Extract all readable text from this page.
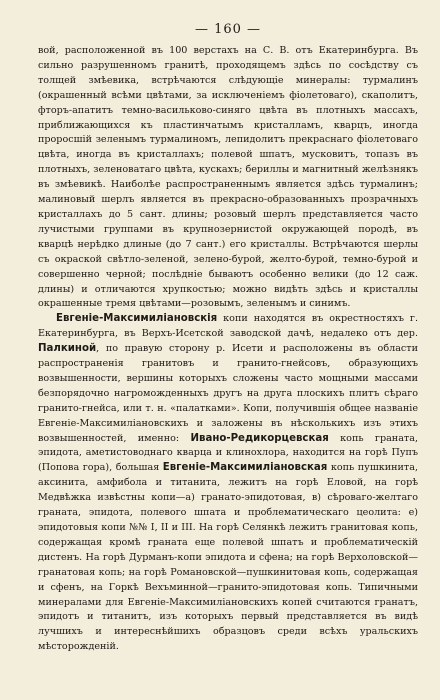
— 160 —

вой, расположенной въ 100 верстахъ на С. В. отъ Екатеринбурга. Въ сильно разрушенномъ гранитѣ, проходящемъ здѣсь по сосѣдству съ толщей змѣевика, встрѣчаются слѣдующіе минералы: турмалинъ (окрашенный всѣми цвѣтами, за исключеніемъ фіолетоваго), скаполитъ, фторъ-апатитъ темно-васильково-синяго цвѣта въ плотныхъ массахъ, приближающихся къ пластинчатымъ кристалламъ, кварцъ, иногда проросшій зеленымъ турмалиномъ, лепидолитъ прекраснаго фіолетоваго цвѣта, иногда въ кристаллахъ; полевой шпатъ, мусковитъ, топазъ въ плотныхъ, зеленоватаго цвѣта, кускахъ; бериллы и магнитный желѣзнякъ въ змѣевикѣ. Наиболѣе распространеннымъ является здѣсь турмалинъ; малиновый шерлъ является въ прекрасно-образованныхъ прозрачныхъ кристаллахъ до 5 сант. длины; розовый шерлъ представляется часто лучистыми группами въ крупнозернистой окружающей породѣ, въ кварцѣ нерѣдко длиные (до 7 сант.) его кристаллы. Встрѣчаются шерлы съ окраской свѣтло-зеленой, зелено-бурой, желто-бурой, темно-бурой и совершенно черной; послѣдніе бываютъ особенно велики (до 12 саж. длины) и отличаются хрупкостью; можно видѣть здѣсь и кристаллы окрашенные тремя цвѣтами—розовымъ, зеленымъ и синимъ.

Евгеніе-Максимиліановскія копи находятся въ окрестностяхъ г. Екатеринбурга, въ Верхъ-Исетской заводской дачѣ, недалеко отъ дер. Палкиной, по правую сторону р. Исети и расположены въ области распространенія гранитовъ и гранито-гнейсовъ, образующихъ возвышенности, вершины которыхъ сложены часто мощными массами безпорядочно нагроможденныхъ другъ на друга плоскихъ плитъ сѣраго гранито-гнейса, или т. н. «палатками». Копи, получившія общее названіе Евгеніе-Максимиліановскихъ и заложены въ нѣсколькихъ изъ этихъ возвышенностей, именно: Ивано-Редикорцевская копь граната, эпидота, аметистоводнаго кварца и клинохлора, находится на горѣ Пупъ (Попова гора), большая Евгеніе-Максимиліановская копь пушкинита, аксинита, амфибола и титанита, лежитъ на горѣ Еловой, на горѣ Медвѣжка извѣстны копи—а) гранато-эпидотовая, в) сѣроваго-желтаго граната, эпидота, полевого шпата и проблематическаго цеолита: е) эпидотовыя копи №№ I, II и III. На горѣ Селянкѣ лежитъ гранитовая копь, содержащая кромѣ граната еще полевой шпатъ и проблематическій дистенъ. На горѣ Дурманъ-копи эпидота и сфена; на горѣ Верхоловской—гранатовая копь; на горѣ Романовской—пушкинитовая копь, содержащая и сфенъ, на Горкѣ Вехъминной—гранито-эпидотовая копь. Типичными минералами для Евгеніе-Максимиліановскихъ копей считаются гранатъ, эпидотъ и титанитъ, изъ которыхъ первый представляется въ видѣ лучшихъ и интереснѣйшихъ образцовъ среди всѣхъ уральскихъ мѣсторожденій.
